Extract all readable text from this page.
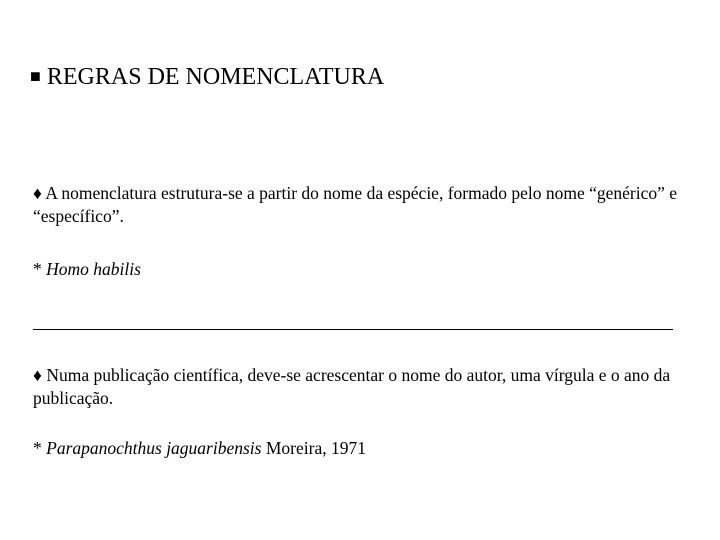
■ REGRAS DE NOMENCLATURA
♦ A nomenclatura estrutura-se a partir do nome da espécie, formado pelo nome “genérico” e “específico”.
* Homo habilis
♦ Numa publicação científica, deve-se acrescentar o nome do autor, uma vírgula e o ano da publicação.
* Parapanochthus jaguaribensis Moreira, 1971
